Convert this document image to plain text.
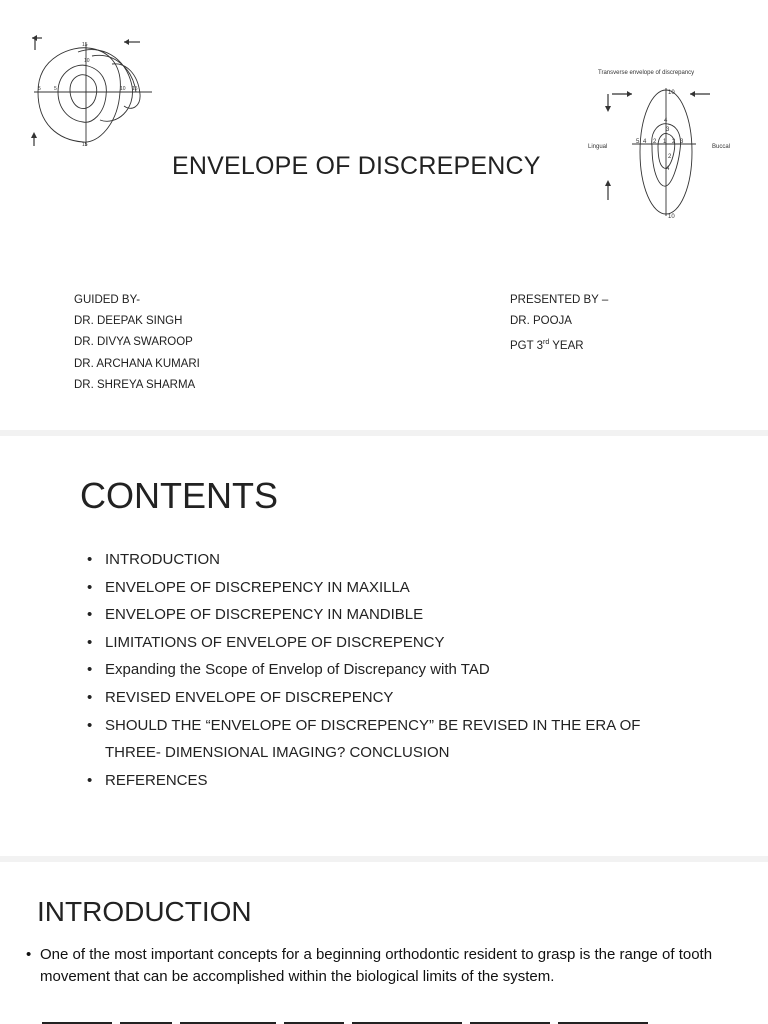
15
10
5	5	10 15
15
Transverse envelope of discrepancy
10
10
Lingual	Buccal
5 4 2 1 2 3
4
3
2
4
ENVELOPE OF DISCREPENCY
GUIDED BY-
DR. DEEPAK SINGH
DR. DIVYA SWAROOP
DR. ARCHANA KUMARI
DR. SHREYA SHARMA
PRESENTED BY –
DR. POOJA
PGT 3rd YEAR
CONTENTS
• INTRODUCTION
• ENVELOPE OF DISCREPENCY IN MAXILLA
• ENVELOPE OF DISCREPENCY IN MANDIBLE
• LIMITATIONS OF ENVELOPE OF DISCREPENCY
• Expanding the Scope of Envelop of Discrepancy with TAD
• REVISED ENVELOPE OF DISCREPENCY
• SHOULD THE “ENVELOPE OF DISCREPENCY” BE REVISED IN THE ERA OF
THREE- DIMENSIONAL IMAGING? CONCLUSION
• REFERENCES
INTRODUCTION
• One of the most important concepts for a beginning orthodontic resident to grasp is the range of tooth movement that can be accomplished within the biological limits of the system.
